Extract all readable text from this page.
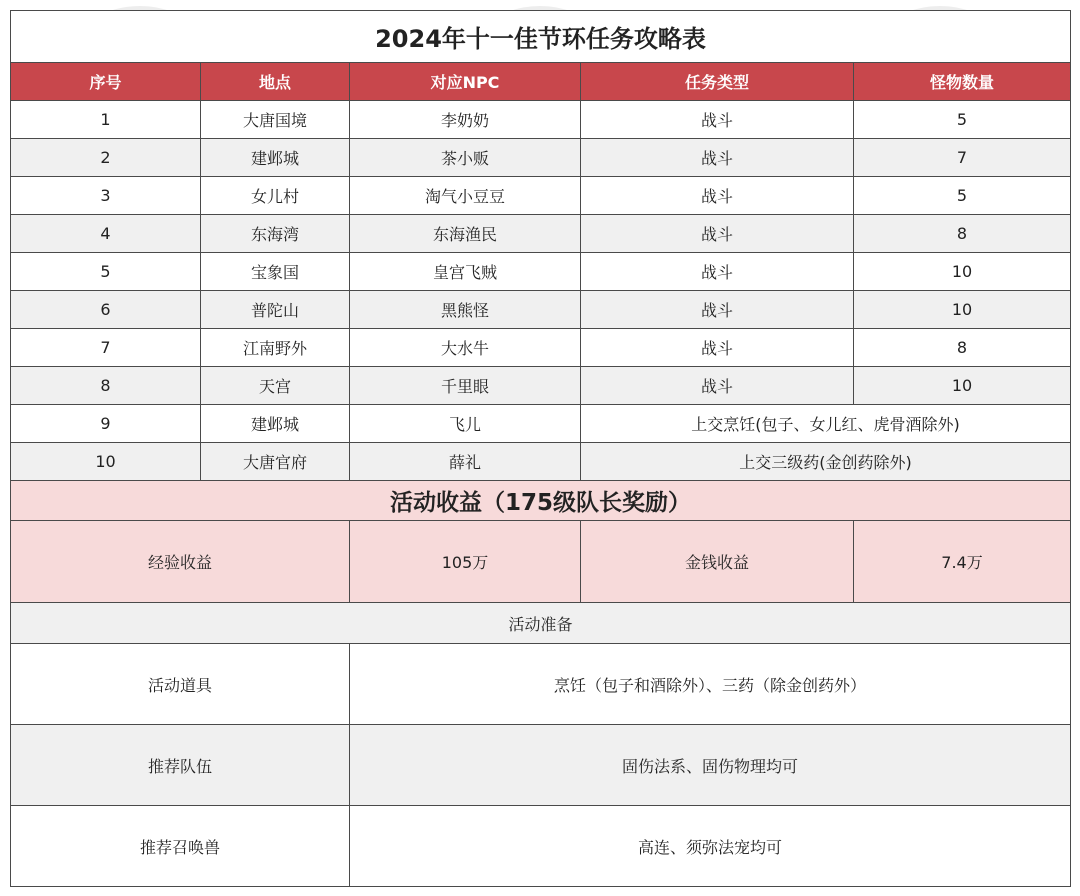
2024年十一佳节环任务攻略表				
序号	地点	对应NPC	任务类型	怪物数量
1	大唐国境	李奶奶	战斗	5
2	建邺城	茶小贩	战斗	7
3	女儿村	淘气小豆豆	战斗	5
4	东海湾	东海渔民	战斗	8
5	宝象国	皇宫飞贼	战斗	10
6	普陀山	黑熊怪	战斗	10
7	江南野外	大水牛	战斗	8
8	天宫	千里眼	战斗	10
9	建邺城	飞儿	上交烹饪(包子、女儿红、虎骨酒除外)	
10	大唐官府	薛礼	上交三级药(金创药除外)	
活动收益（175级队长奖励）				
经验收益		105万	金钱收益	7.4万
活动准备				
活动道具		烹饪（包子和酒除外）、三药（除金创药外）		
推荐队伍		固伤法系、固伤物理均可		
推荐召唤兽		高连、须弥法宠均可		
